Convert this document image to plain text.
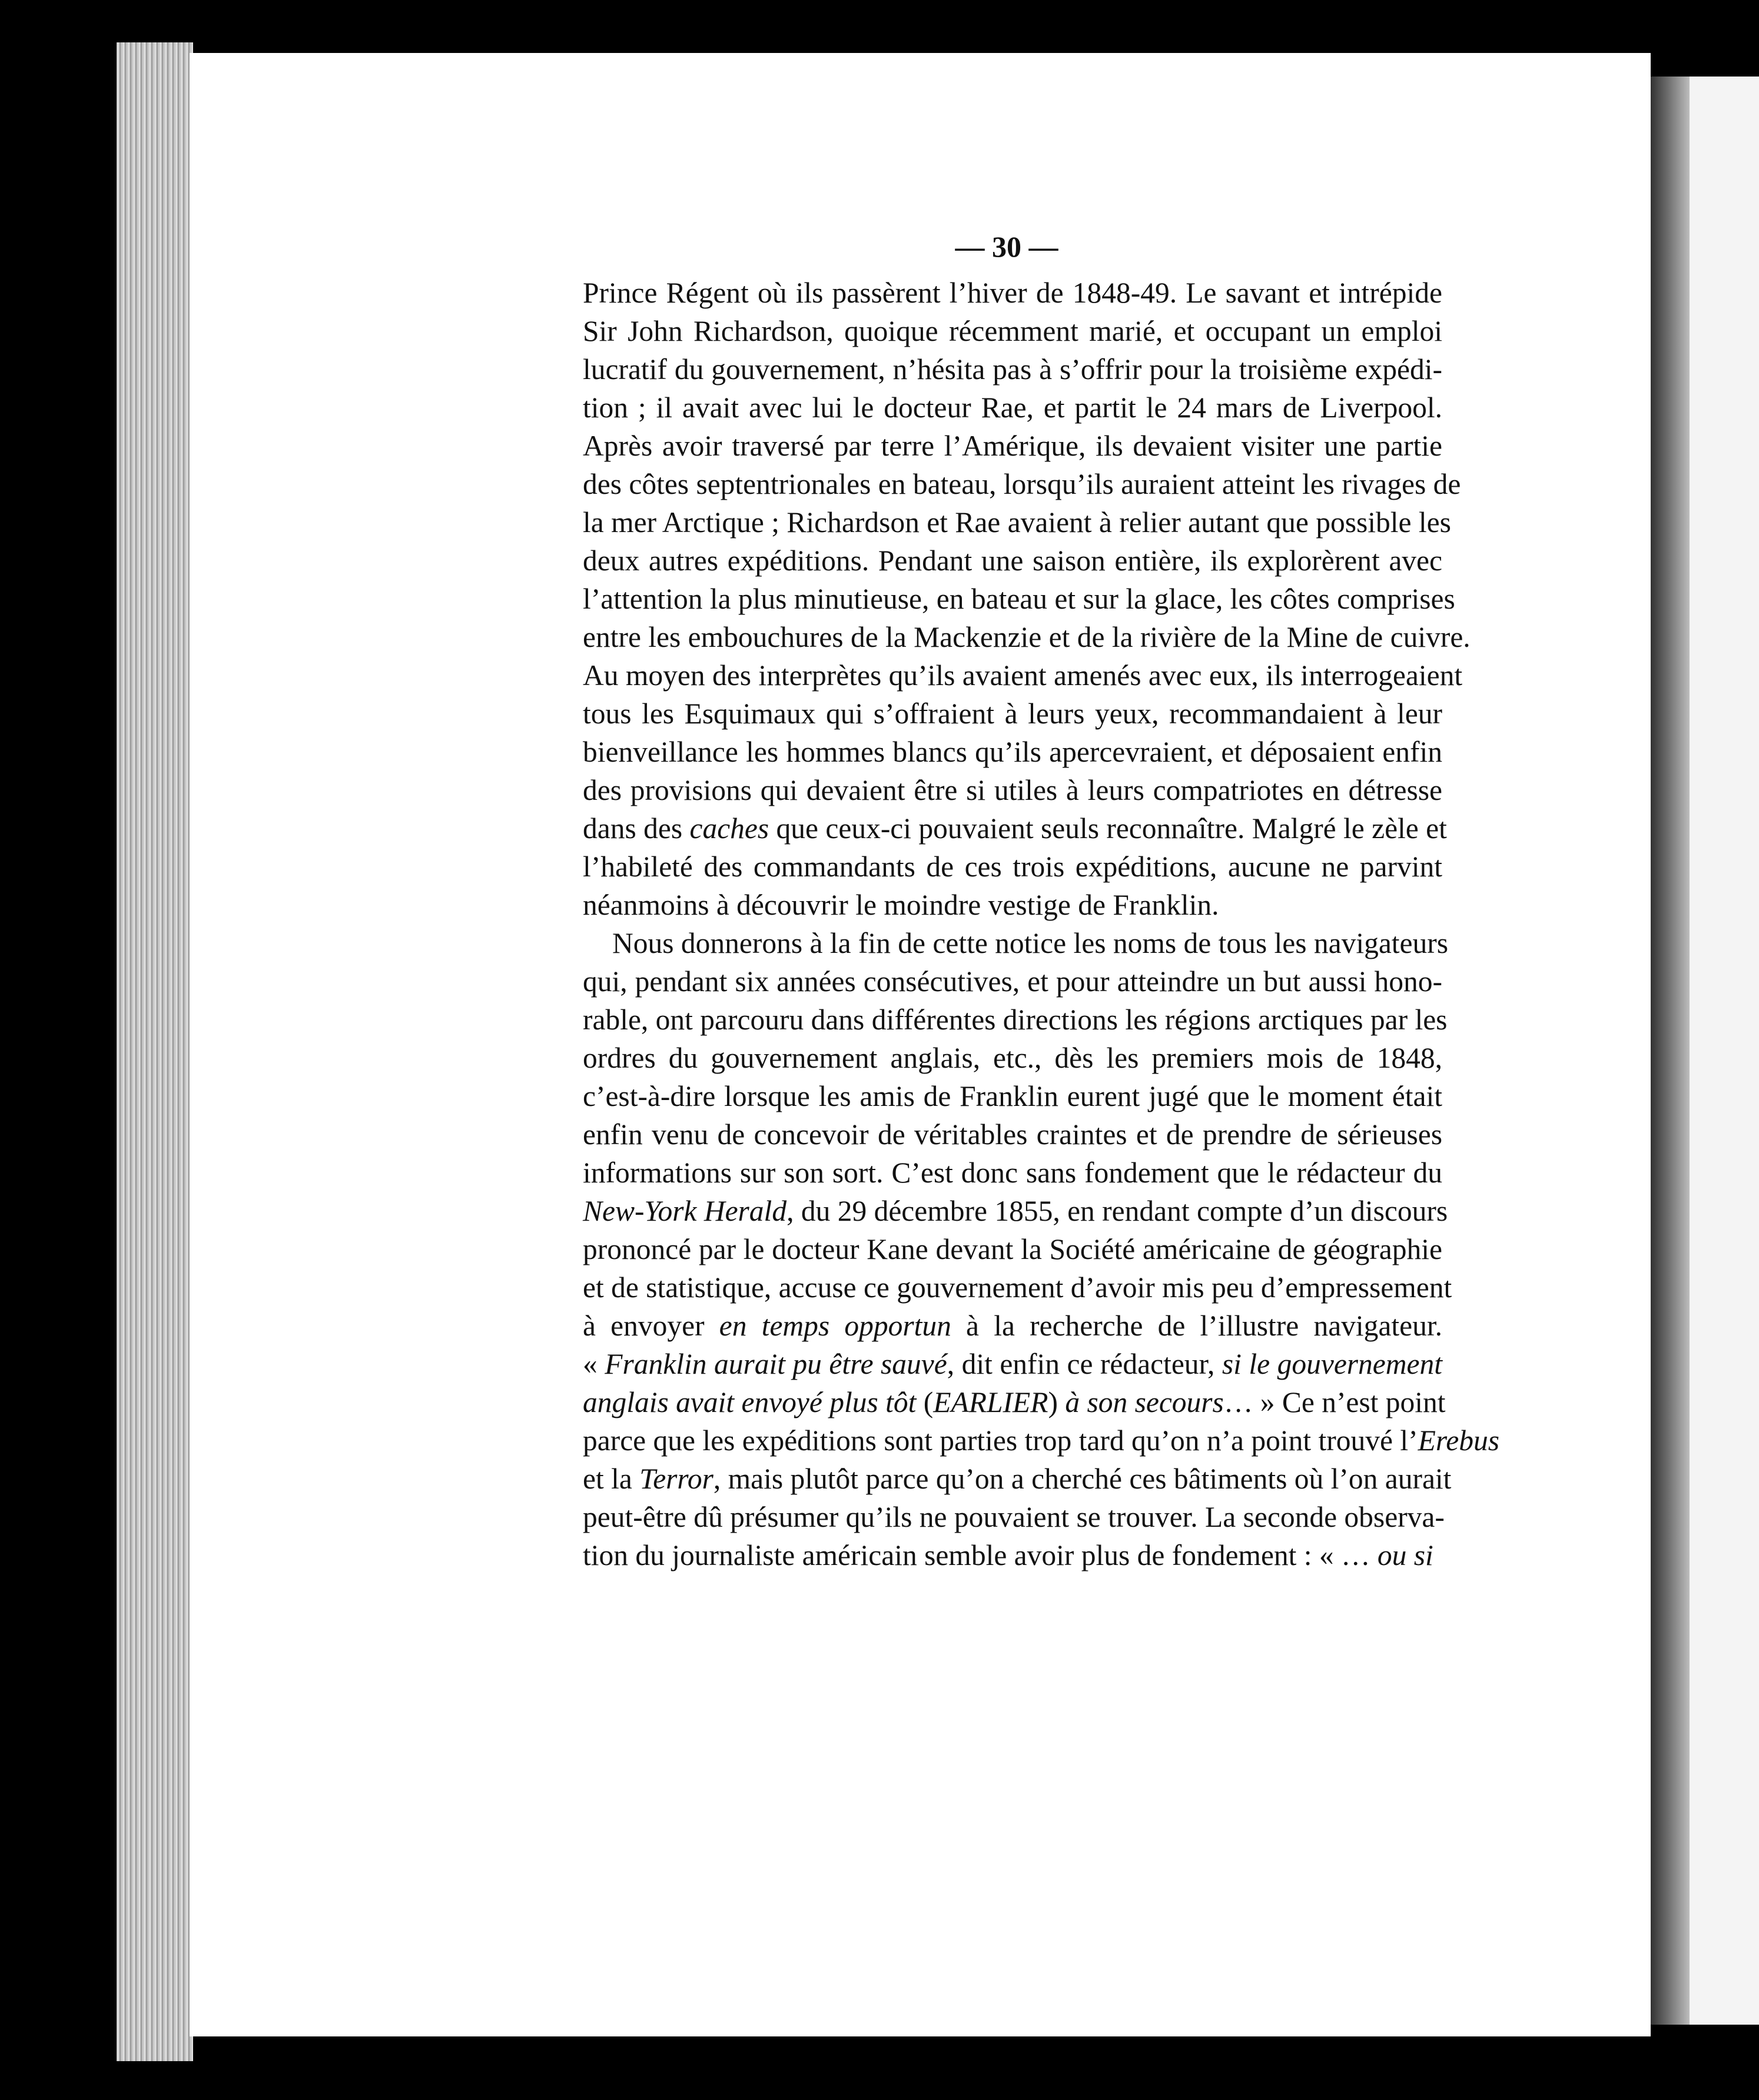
— 30 —
Prince Régent où ils passèrent l’hiver de 1848-49. Le savant et intrépide
Sir John Richardson, quoique récemment marié, et occupant un emploi
lucratif du gouvernement, n’hésita pas à s’offrir pour la troisième expédi-
tion ; il avait avec lui le docteur Rae, et partit le 24 mars de Liverpool.
Après avoir traversé par terre l’Amérique, ils devaient visiter une partie
des côtes septentrionales en bateau, lorsqu’ils auraient atteint les rivages de
la mer Arctique ; Richardson et Rae avaient à relier autant que possible les
deux autres expéditions. Pendant une saison entière, ils explorèrent avec
l’attention la plus minutieuse, en bateau et sur la glace, les côtes comprises
entre les embouchures de la Mackenzie et de la rivière de la Mine de cuivre.
Au moyen des interprètes qu’ils avaient amenés avec eux, ils interrogeaient
tous les Esquimaux qui s’offraient à leurs yeux, recommandaient à leur
bienveillance les hommes blancs qu’ils apercevraient, et déposaient enfin
des provisions qui devaient être si utiles à leurs compatriotes en détresse
dans des caches que ceux-ci pouvaient seuls reconnaître. Malgré le zèle et
l’habileté des commandants de ces trois expéditions, aucune ne parvint
néanmoins à découvrir le moindre vestige de Franklin.
Nous donnerons à la fin de cette notice les noms de tous les navigateurs
qui, pendant six années consécutives, et pour atteindre un but aussi hono-
rable, ont parcouru dans différentes directions les régions arctiques par les
ordres du gouvernement anglais, etc., dès les premiers mois de 1848,
c’est-à-dire lorsque les amis de Franklin eurent jugé que le moment était
enfin venu de concevoir de véritables craintes et de prendre de sérieuses
informations sur son sort. C’est donc sans fondement que le rédacteur du
New-York Herald, du 29 décembre 1855, en rendant compte d’un discours
prononcé par le docteur Kane devant la Société américaine de géographie
et de statistique, accuse ce gouvernement d’avoir mis peu d’empressement
à envoyer en temps opportun à la recherche de l’illustre navigateur.
« Franklin aurait pu être sauvé, dit enfin ce rédacteur, si le gouvernement
anglais avait envoyé plus tôt (EARLIER) à son secours… » Ce n’est point
parce que les expéditions sont parties trop tard qu’on n’a point trouvé l’Erebus
et la Terror, mais plutôt parce qu’on a cherché ces bâtiments où l’on aurait
peut-être dû présumer qu’ils ne pouvaient se trouver. La seconde observa-
tion du journaliste américain semble avoir plus de fondement : « … ou si
